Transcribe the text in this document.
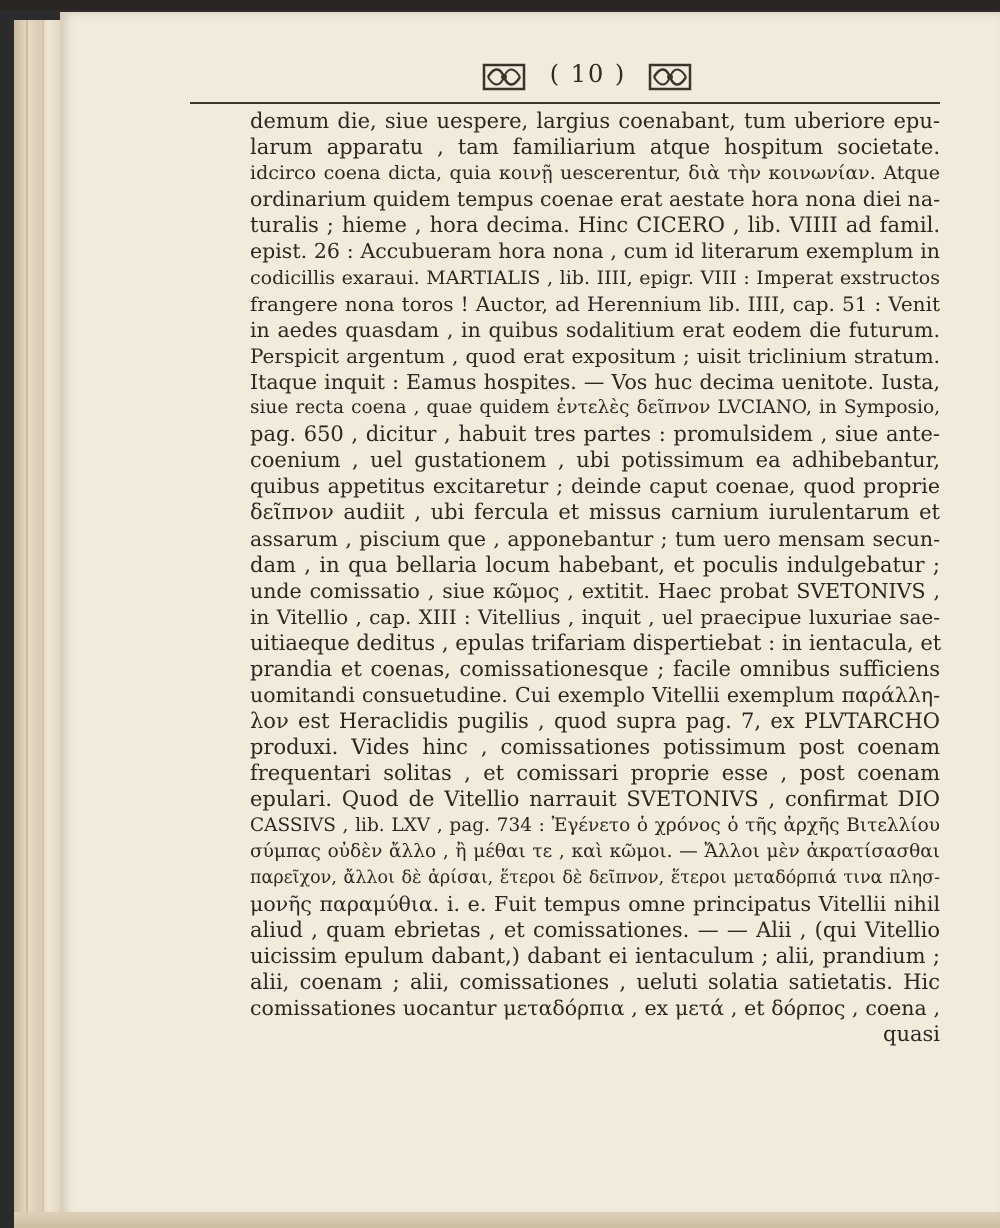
( 10 )
demum die, siue uespere, largius coenabant, tum uberiore epu-
larum apparatu , tam familiarium atque hospitum societate.
idcirco coena dicta, quia κοινῇ uescerentur, διὰ τὴν κοινωνίαν. Atque
ordinarium quidem tempus coenae erat aestate hora nona diei na-
turalis ; hieme , hora decima. Hinc CICERO , lib. VIIII ad famil.
epist. 26 : Accubueram hora nona , cum id literarum exemplum in
codicillis exaraui. MARTIALIS , lib. IIII, epigr. VIII : Imperat exstructos
frangere nona toros ! Auctor, ad Herennium lib. IIII, cap. 51 : Venit
in aedes quasdam , in quibus sodalitium erat eodem die futurum.
Perspicit argentum , quod erat expositum ; uisit triclinium stratum.
Itaque inquit : Eamus hospites. — Vos huc decima uenitote. Iusta,
siue recta coena , quae quidem ἐντελὲς δεῖπνον LVCIANO, in Symposio,
pag. 650 , dicitur , habuit tres partes : promulsidem , siue ante-
coenium , uel gustationem , ubi potissimum ea adhibebantur,
quibus appetitus excitaretur ; deinde caput coenae, quod proprie
δεῖπνον audiit , ubi fercula et missus carnium iurulentarum et
assarum , piscium que , apponebantur ; tum uero mensam secun-
dam , in qua bellaria locum habebant, et poculis indulgebatur ;
unde comissatio , siue κῶμος , extitit. Haec probat SVETONIVS ,
in Vitellio , cap. XIII : Vitellius , inquit , uel praecipue luxuriae sae-
uitiaeque deditus , epulas trifariam dispertiebat : in ientacula, et
prandia et coenas, comissationesque ; facile omnibus sufficiens
uomitandi consuetudine. Cui exemplo Vitellii exemplum παράλλη-
λον est Heraclidis pugilis , quod supra pag. 7, ex PLVTARCHO
produxi. Vides hinc , comissationes potissimum post coenam
frequentari solitas , et comissari proprie esse , post coenam
epulari. Quod de Vitellio narrauit SVETONIVS , confirmat DIO
CASSIVS , lib. LXV , pag. 734 : Ἐγένετο ὁ χρόνος ὁ τῆς ἀρχῆς Βιτελλίου
σύμπας οὐδὲν ἄλλο , ἢ μέθαι τε , καὶ κῶμοι. — Ἄλλοι μὲν ἀκρατίσασθαι
παρεῖχον, ἄλλοι δὲ ἀρίσαι, ἕτεροι δὲ δεῖπνον, ἕτεροι μεταδόρπιά τινα πλησ-
μονῆς παραμύθια. i. e. Fuit tempus omne principatus Vitellii nihil
aliud , quam ebrietas , et comissationes. — — Alii , (qui Vitellio
uicissim epulum dabant,) dabant ei ientaculum ; alii, prandium ;
alii, coenam ; alii, comissationes , ueluti solatia satietatis. Hic
comissationes uocantur μεταδόρπια , ex μετά , et δόρπος , coena ,
quasi
